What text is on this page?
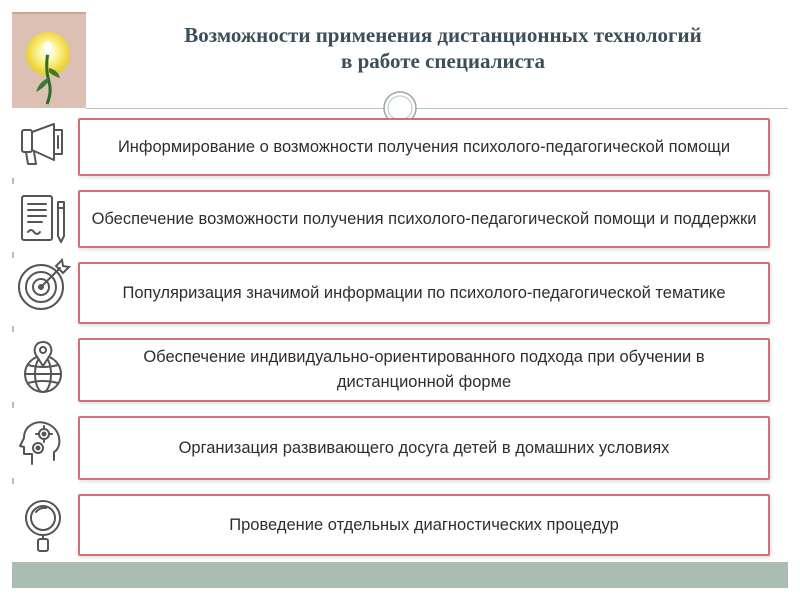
Возможности применения дистанционных технологий
в работе специалиста
Информирование о возможности получения психолого-педагогической помощи
Обеспечение возможности получения психолого-педагогической помощи и поддержки
Популяризация значимой информации по психолого-педагогической тематике
Обеспечение индивидуально-ориентированного подхода при обучении в дистанционной форме
Организация развивающего досуга детей в домашних условиях
Проведение отдельных диагностических процедур
